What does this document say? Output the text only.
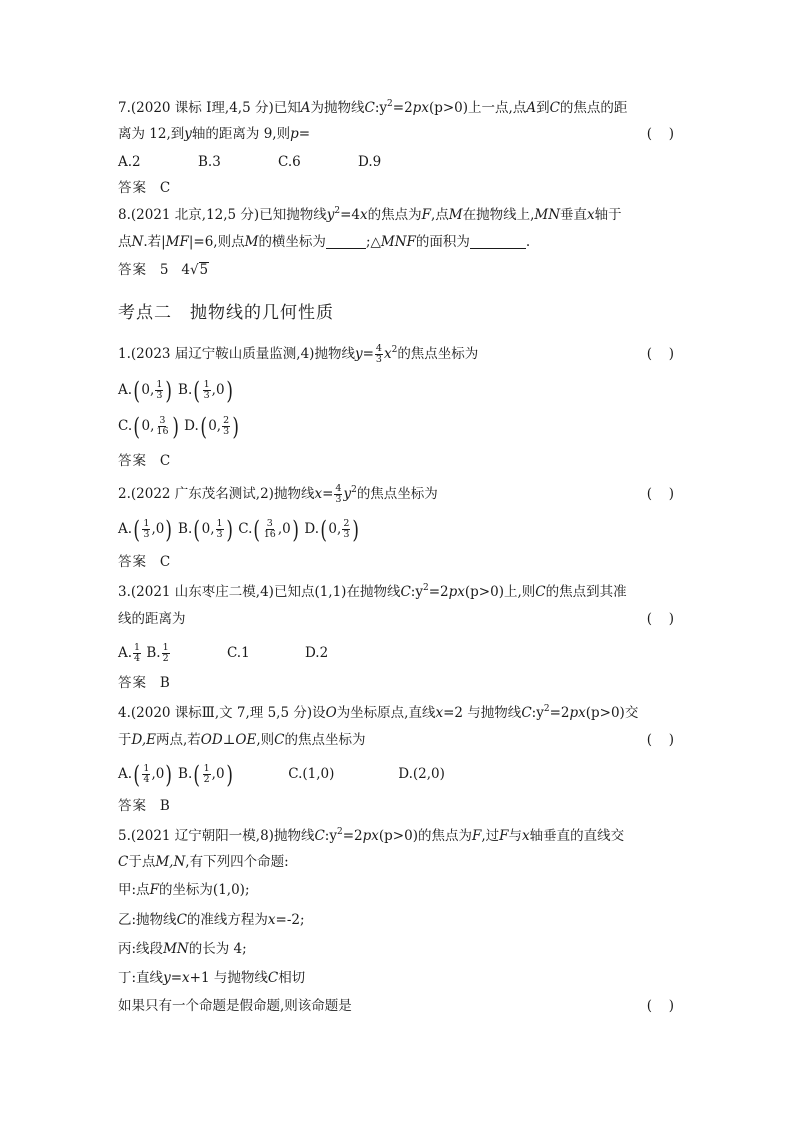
7.(2020 课标 Ⅰ理,4,5 分)已知A为抛物线$C:y^2=2px(p>0)$上一点,点A到C的焦点的距
离为 12,到y轴的距离为 9,则p=	( )
A.2	B.3	C.6	D.9
答案 C
8.(2021 北京,12,5 分)已知抛物线$y^2=4x$的焦点为F,点M在抛物线上,MN垂直x轴于
点N.若|MF|=6,则点M的横坐标为	;△MNF的面积为	.
答案 5 4√5
考点二　抛物线的几何性质
1.(2023 届辽宁鞍山质量监测,4)抛物线$y= \frac{4}{3} x^2$的焦点坐标为	( )
A.(0, $\frac{1}{3}$ ) $B.( \frac{1}{3} ,0)$
C.(0, $\frac{3}{16}$ ) D.(0, $\frac{2}{3}$ )
答案 C
2.(2022 广东茂名测试,2)抛物线$x= \frac{4}{3} y^2$的焦点坐标为	( )
$A.( \frac{1}{3} ,0)$ B.(0, $\frac{1}{3}$ ) $C.( \frac{3}{16} ,0)$ D.(0, $\frac{2}{3}$ )
答案 C
3.(2021 山东枣庄二模,4)已知点(1,1)在抛物线$C:y^2=2px(p>0)$上,则C的焦点到其准
线的距离为	( )
A. $\frac{1}{4} B$. $\frac{1}{2}$	C.1	D.2
答案 B
4.(2020 课标Ⅲ,文 7,理 5,5 分)设O为坐标原点,直线x=2 与抛物线$C:y^2=2px(p>0)$交
于D,E两点,若OD⊥OE,则C的焦点坐标为	( )
$A.( \frac{1}{4} ,0)$ $B.( \frac{1}{2} ,0)$	C.(1,0)	D.(2,0)
答案 B
5.(2021 辽宁朝阳一模,8)抛物线$C:y^2=2px(p>0)$的焦点为F,过F与x轴垂直的直线交
C于点M,N,有下列四个命题:
甲:点F的坐标为(1,0);
乙:抛物线C的准线方程为x=-2;
丙:线段MN的长为 4;
丁:直线y=x+1 与抛物线C相切
如果只有一个命题是假命题,则该命题是	( )
